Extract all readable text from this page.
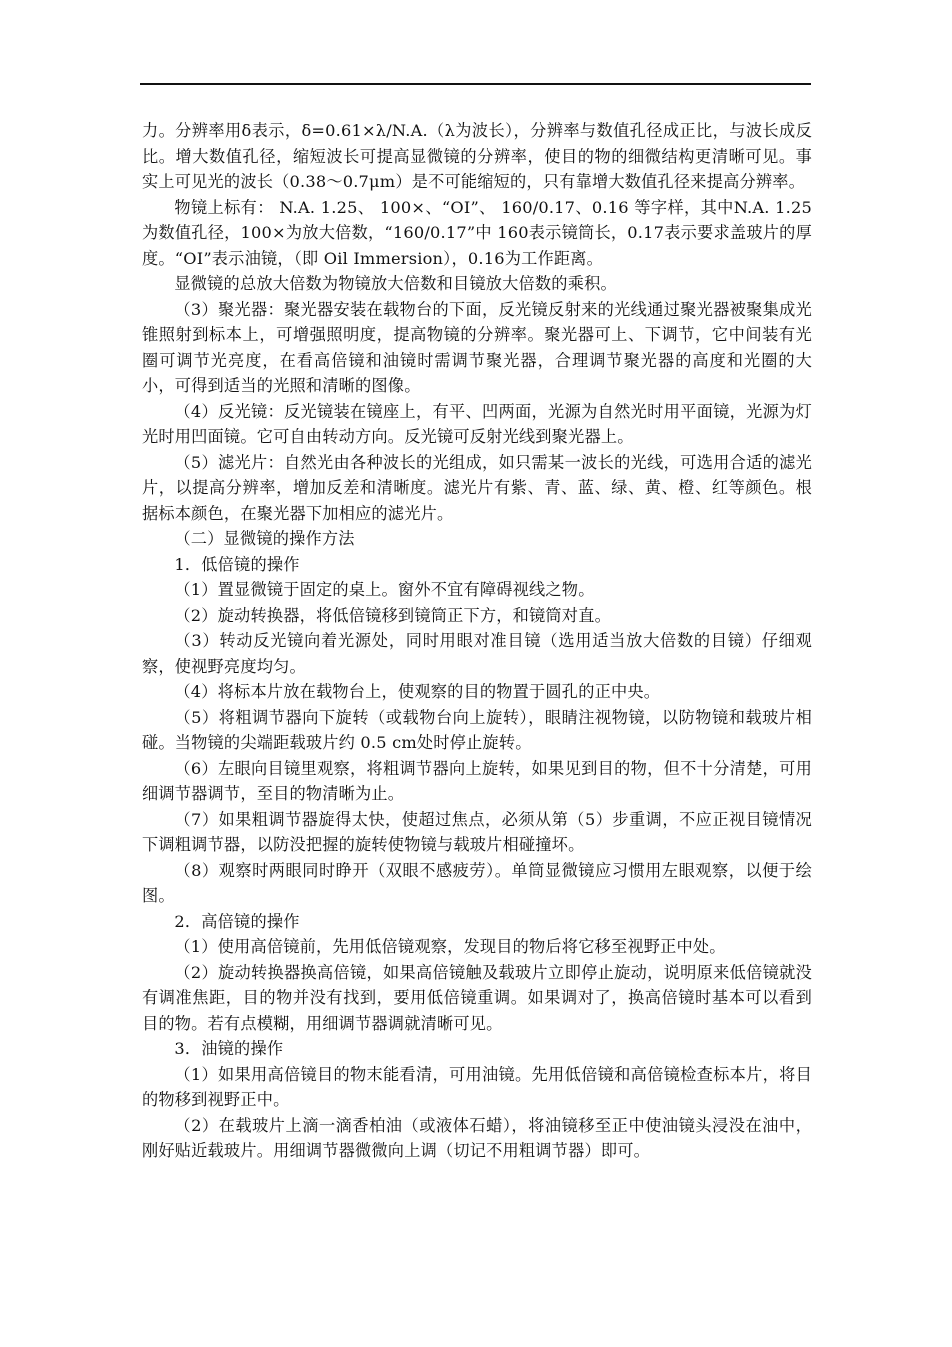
力。分辨率用δ表示，δ=0.61×λ/N.A.（λ为波长），分辨率与数值孔径成正比，与波长成反比。增大数值孔径，缩短波长可提高显微镜的分辨率，使目的物的细微结构更清晰可见。事实上可见光的波长（0.38～0.7μm）是不可能缩短的，只有靠增大数值孔径来提高分辨率。

物镜上标有： N.A. 1.25、 100×、“OI”、 160/0.17、0.16 等字样，其中N.A. 1.25为数值孔径，100×为放大倍数，“160/0.17”中 160表示镜筒长，0.17表示要求盖玻片的厚度。“OI”表示油镜，（即 Oil Immersion），0.16为工作距离。

显微镜的总放大倍数为物镜放大倍数和目镜放大倍数的乘积。

（3）聚光器：聚光器安装在载物台的下面，反光镜反射来的光线通过聚光器被聚集成光锥照射到标本上，可增强照明度，提高物镜的分辨率。聚光器可上、下调节，它中间装有光圈可调节光亮度，在看高倍镜和油镜时需调节聚光器，合理调节聚光器的高度和光圈的大小，可得到适当的光照和清晰的图像。

（4）反光镜：反光镜装在镜座上，有平、凹两面，光源为自然光时用平面镜，光源为灯光时用凹面镜。它可自由转动方向。反光镜可反射光线到聚光器上。

（5）滤光片：自然光由各种波长的光组成，如只需某一波长的光线，可选用合适的滤光片，以提高分辨率，增加反差和清晰度。滤光片有紫、青、蓝、绿、黄、橙、红等颜色。根据标本颜色，在聚光器下加相应的滤光片。

（二）显微镜的操作方法

1．低倍镜的操作

（1）置显微镜于固定的桌上。窗外不宜有障碍视线之物。

（2）旋动转换器，将低倍镜移到镜筒正下方，和镜筒对直。

（3）转动反光镜向着光源处，同时用眼对准目镜（选用适当放大倍数的目镜）仔细观察，使视野亮度均匀。

（4）将标本片放在载物台上，使观察的目的物置于圆孔的正中央。

（5）将粗调节器向下旋转（或载物台向上旋转），眼睛注视物镜，以防物镜和载玻片相碰。当物镜的尖端距载玻片约 0.5 cm处时停止旋转。

（6）左眼向目镜里观察，将粗调节器向上旋转，如果见到目的物，但不十分清楚，可用细调节器调节，至目的物清晰为止。

（7）如果粗调节器旋得太快，使超过焦点，必须从第（5）步重调，不应正视目镜情况下调粗调节器，以防没把握的旋转使物镜与载玻片相碰撞坏。

（8）观察时两眼同时睁开（双眼不感疲劳）。单筒显微镜应习惯用左眼观察，以便于绘图。

2．高倍镜的操作

（1）使用高倍镜前，先用低倍镜观察，发现目的物后将它移至视野正中处。

（2）旋动转换器换高倍镜，如果高倍镜触及载玻片立即停止旋动，说明原来低倍镜就没有调准焦距，目的物并没有找到，要用低倍镜重调。如果调对了，换高倍镜时基本可以看到目的物。若有点模糊，用细调节器调就清晰可见。

3．油镜的操作

（1）如果用高倍镜目的物末能看清，可用油镜。先用低倍镜和高倍镜检查标本片，将目的物移到视野正中。

（2）在载玻片上滴一滴香柏油（或液体石蜡），将油镜移至正中使油镜头浸没在油中，刚好贴近载玻片。用细调节器微微向上调（切记不用粗调节器）即可。
